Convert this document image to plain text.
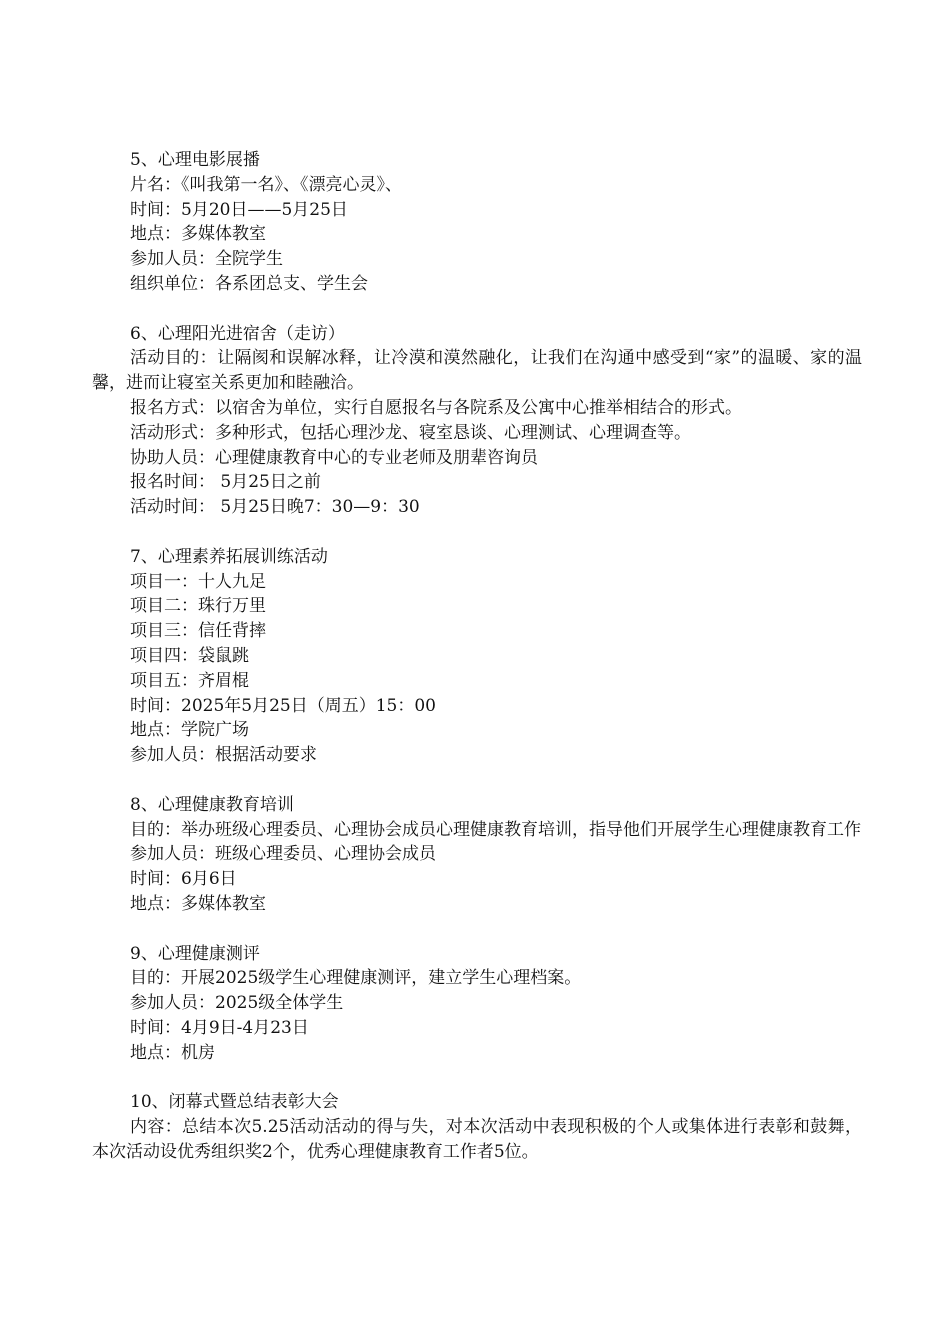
5、心理电影展播

片名：《叫我第一名》、《漂亮心灵》、

时间：5月20日——5月25日

地点：多媒体教室

参加人员：全院学生

组织单位：各系团总支、学生会

6、心理阳光进宿舍（走访）

活动目的：让隔阂和误解冰释，让冷漠和漠然融化，让我们在沟通中感受到“家”的温暖、家的温馨，进而让寝室关系更加和睦融洽。

报名方式：以宿舍为单位，实行自愿报名与各院系及公寓中心推举相结合的形式。

活动形式：多种形式，包括心理沙龙、寝室恳谈、心理测试、心理调查等。

协助人员：心理健康教育中心的专业老师及朋辈咨询员

报名时间： 5月25日之前

活动时间： 5月25日晚7：30—9：30

7、心理素养拓展训练活动

项目一：十人九足

项目二：珠行万里

项目三：信任背摔

项目四：袋鼠跳

项目五：齐眉棍

时间：2025年5月25日（周五）15：00

地点：学院广场

参加人员：根据活动要求

8、心理健康教育培训

目的：举办班级心理委员、心理协会成员心理健康教育培训，指导他们开展学生心理健康教育工作

参加人员：班级心理委员、心理协会成员

时间：6月6日

地点：多媒体教室

9、心理健康测评

目的：开展2025级学生心理健康测评，建立学生心理档案。

参加人员：2025级全体学生

时间：4月9日-4月23日

地点：机房

10、闭幕式暨总结表彰大会

内容：总结本次5.25活动活动的得与失，对本次活动中表现积极的个人或集体进行表彰和鼓舞，本次活动设优秀组织奖2个，优秀心理健康教育工作者5位。
